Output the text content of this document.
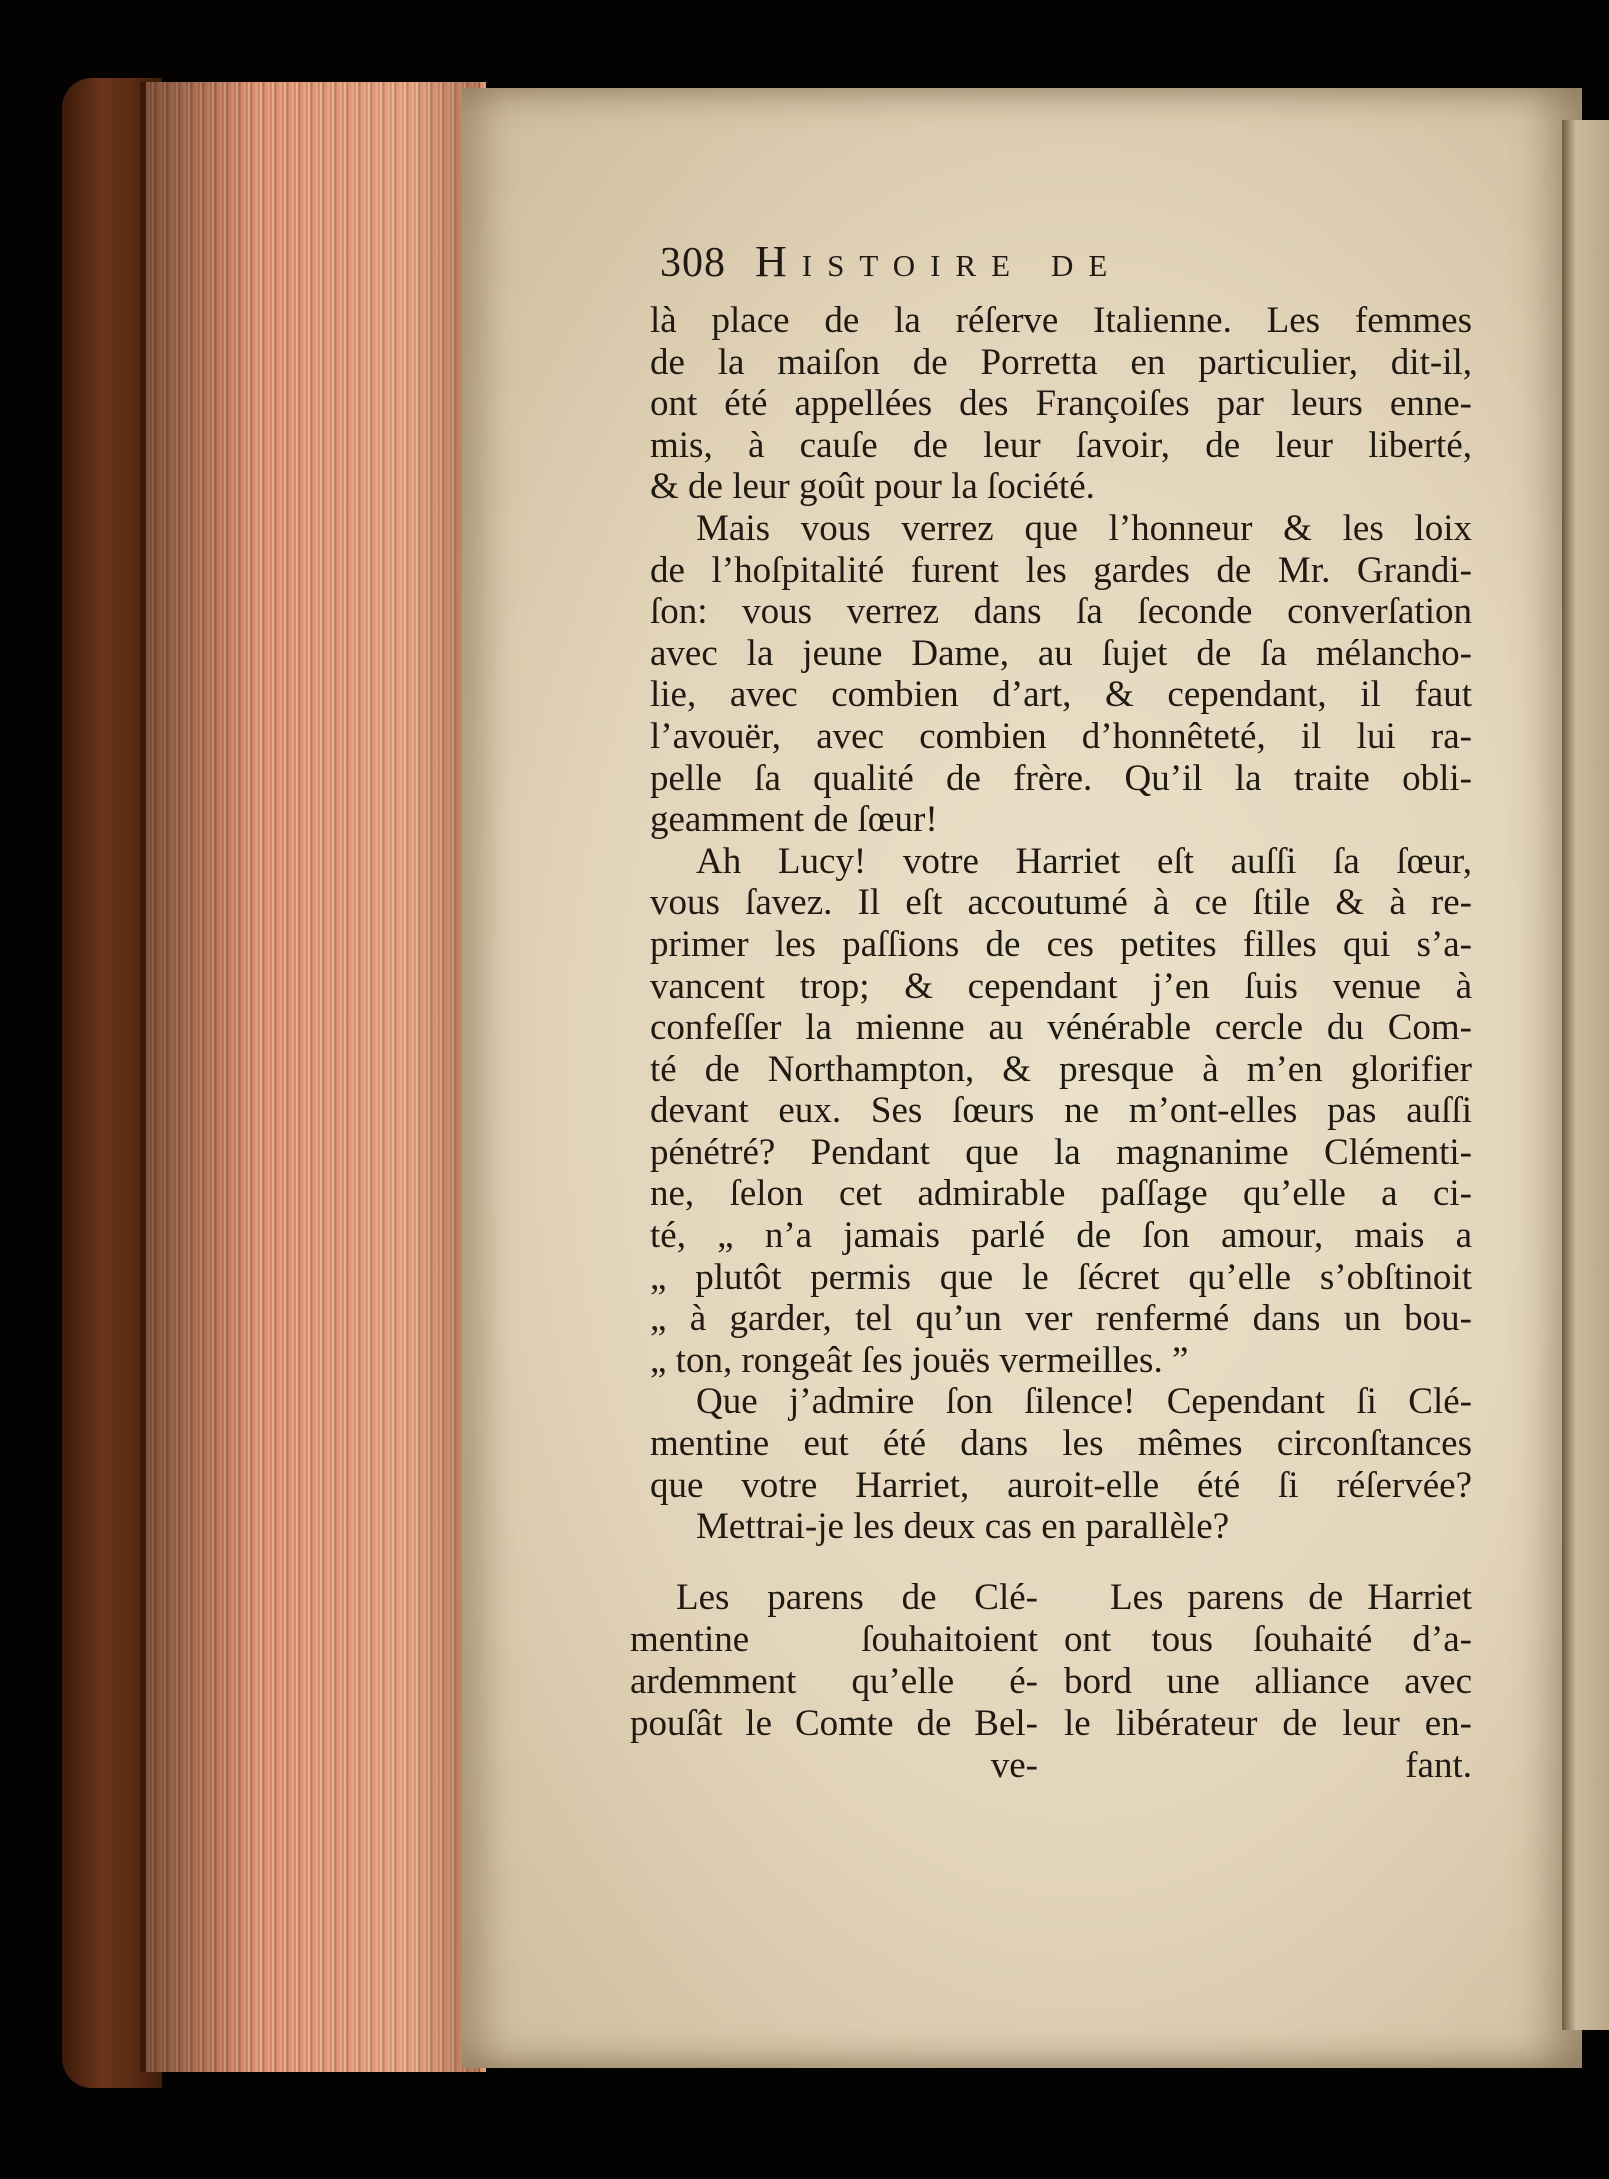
308 Histoire de
là place de la réſerve Italienne. Les femmes
de la maiſon de Porretta en particulier, dit-il,
ont été appellées des Françoiſes par leurs enne-
mis, à cauſe de leur ſavoir, de leur liberté,
& de leur goût pour la ſociété.
Mais vous verrez que l’honneur & les loix
de l’hoſpitalité furent les gardes de Mr. Grandi-
ſon: vous verrez dans ſa ſeconde converſation
avec la jeune Dame, au ſujet de ſa mélancho-
lie, avec combien d’art, & cependant, il faut
l’avouër, avec combien d’honnêteté, il lui ra-
pelle ſa qualité de frère. Qu’il la traite obli-
geamment de ſœur!
Ah Lucy! votre Harriet eſt auſſi ſa ſœur,
vous ſavez. Il eſt accoutumé à ce ſtile & à re-
primer les paſſions de ces petites filles qui s’a-
vancent trop; & cependant j’en ſuis venue à
confeſſer la mienne au vénérable cercle du Com-
té de Northampton, & presque à m’en glorifier
devant eux. Ses ſœurs ne m’ont-elles pas auſſi
pénétré? Pendant que la magnanime Clémenti-
ne, ſelon cet admirable paſſage qu’elle a ci-
té, „ n’a jamais parlé de ſon amour, mais a
„ plutôt permis que le ſécret qu’elle s’obſtinoit
„ à garder, tel qu’un ver renfermé dans un bou-
„ ton, rongeât ſes jouës vermeilles. ”
Que j’admire ſon ſilence! Cependant ſi Clé-
mentine eut été dans les mêmes circonſtances
que votre Harriet, auroit-elle été ſi réſervée?
Mettrai-je les deux cas en parallèle?
Les parens de Clé-
mentine ſouhaitoient
ardemment qu’elle é-
pouſât le Comte de Bel-
ve-
Les parens de Harriet
ont tous ſouhaité d’a-
bord une alliance avec
le libérateur de leur en-
fant.
